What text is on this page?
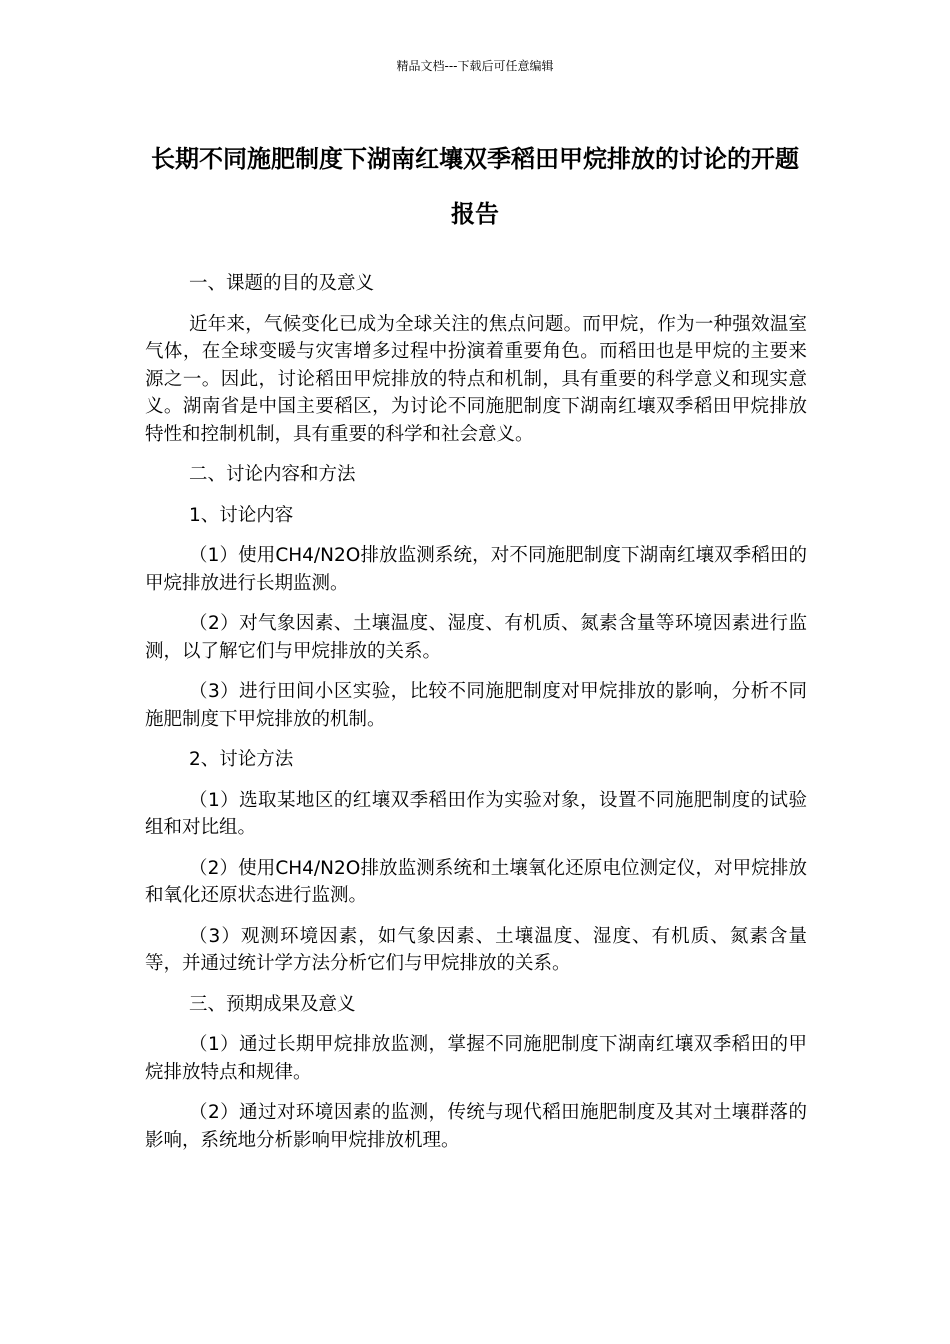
精品文档---下载后可任意编辑
长期不同施肥制度下湖南红壤双季稻田甲烷排放的讨论的开题报告

一、课题的目的及意义

近年来，气候变化已成为全球关注的焦点问题。而甲烷，作为一种强效温室气体，在全球变暖与灾害增多过程中扮演着重要角色。而稻田也是甲烷的主要来源之一。因此，讨论稻田甲烷排放的特点和机制，具有重要的科学意义和现实意义。湖南省是中国主要稻区，为讨论不同施肥制度下湖南红壤双季稻田甲烷排放特性和控制机制，具有重要的科学和社会意义。

二、讨论内容和方法

1、讨论内容

（1）使用CH4/N2O排放监测系统，对不同施肥制度下湖南红壤双季稻田的甲烷排放进行长期监测。

（2）对气象因素、土壤温度、湿度、有机质、氮素含量等环境因素进行监测，以了解它们与甲烷排放的关系。

（3）进行田间小区实验，比较不同施肥制度对甲烷排放的影响，分析不同施肥制度下甲烷排放的机制。

2、讨论方法

（1）选取某地区的红壤双季稻田作为实验对象，设置不同施肥制度的试验组和对比组。

（2）使用CH4/N2O排放监测系统和土壤氧化还原电位测定仪，对甲烷排放和氧化还原状态进行监测。

（3）观测环境因素，如气象因素、土壤温度、湿度、有机质、氮素含量等，并通过统计学方法分析它们与甲烷排放的关系。

三、预期成果及意义

（1）通过长期甲烷排放监测，掌握不同施肥制度下湖南红壤双季稻田的甲烷排放特点和规律。

（2）通过对环境因素的监测，传统与现代稻田施肥制度及其对土壤群落的影响，系统地分析影响甲烷排放机理。
